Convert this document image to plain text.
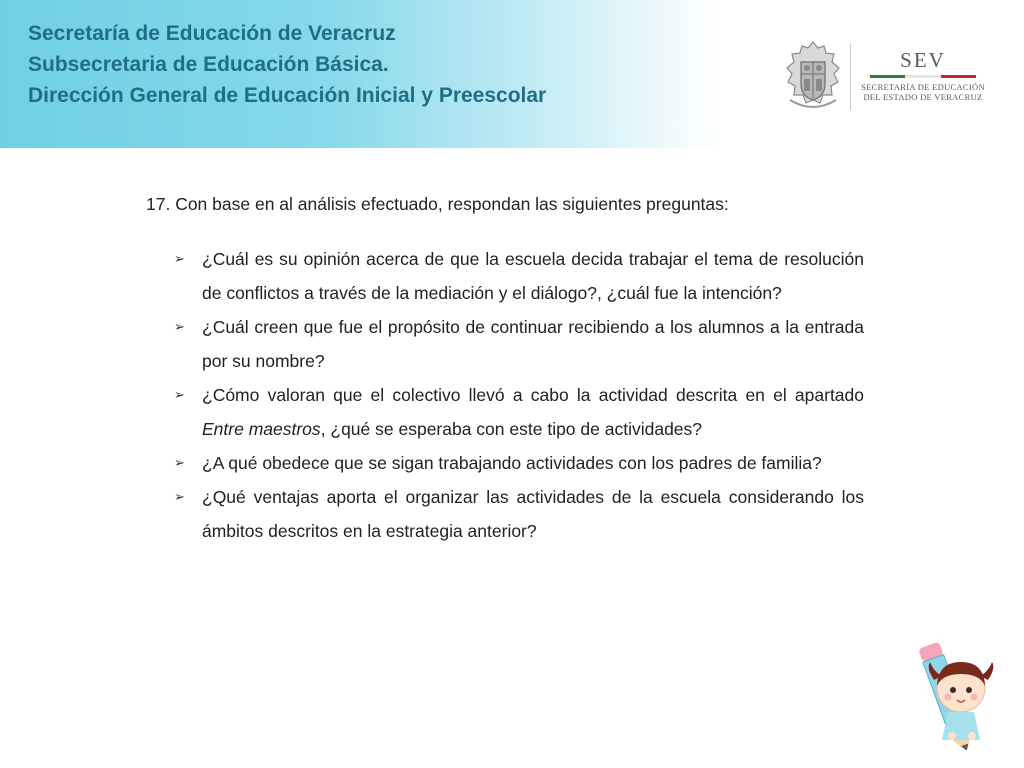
Secretaría de Educación de Veracruz
Subsecretaria de Educación Básica.
Dirección General de Educación Inicial y Preescolar
SEV
SECRETARÍA DE EDUCACIÓN
DEL ESTADO DE VERACRUZ
17. Con base en al análisis efectuado, respondan las siguientes preguntas:
➢ ¿Cuál es su opinión acerca de que la escuela decida trabajar el tema de resolución de conflictos a través de la mediación y el diálogo?, ¿cuál fue la intención?
➢ ¿Cuál creen que fue el propósito de continuar recibiendo a los alumnos a la entrada por su nombre?
➢ ¿Cómo valoran que el colectivo llevó a cabo la actividad descrita en el apartado Entre maestros, ¿qué se esperaba con este tipo de actividades?
➢ ¿A qué obedece que se sigan trabajando actividades con los padres de familia?
➢ ¿Qué ventajas aporta el organizar las actividades de la escuela considerando los ámbitos descritos en la estrategia anterior?
